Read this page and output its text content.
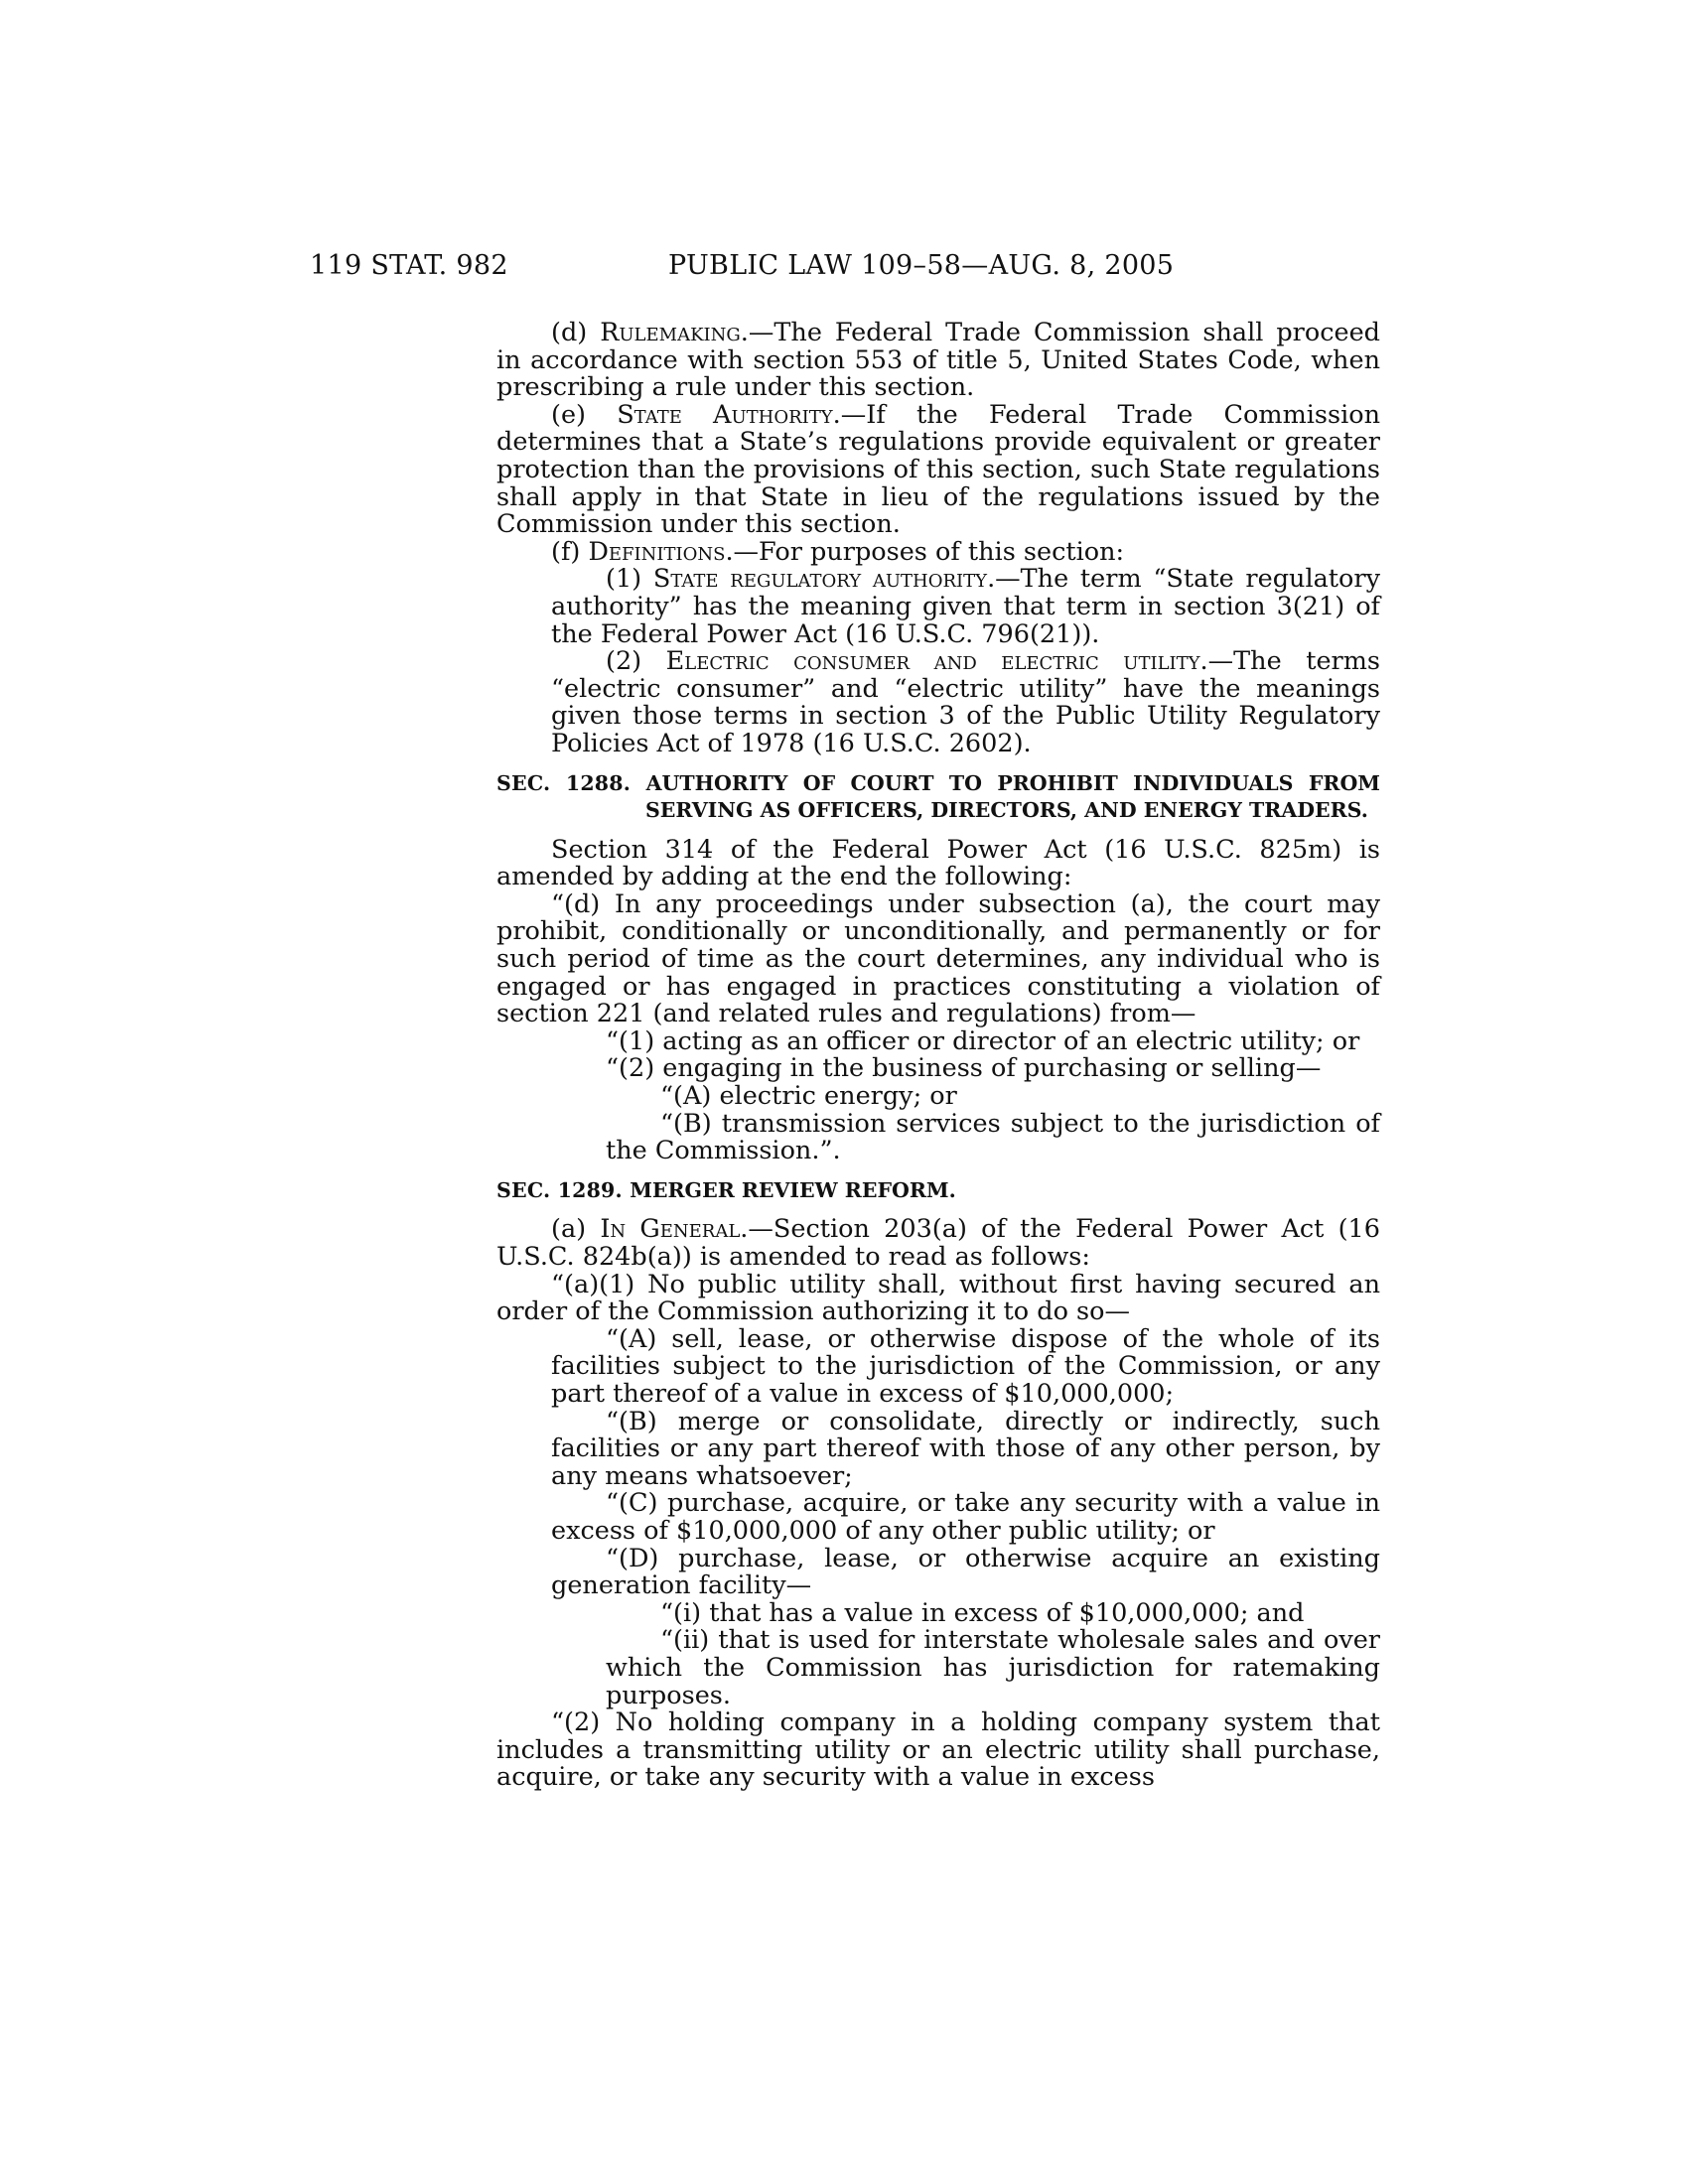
119 STAT. 982	PUBLIC LAW 109–58—AUG. 8, 2005

(d) Rulemaking.—The Federal Trade Commission shall proceed in accordance with section 553 of title 5, United States Code, when prescribing a rule under this section.

(e) State Authority.—If the Federal Trade Commission determines that a State’s regulations provide equivalent or greater protection than the provisions of this section, such State regulations shall apply in that State in lieu of the regulations issued by the Commission under this section.

(f) Definitions.—For purposes of this section:

(1) State regulatory authority.—The term “State regulatory authority” has the meaning given that term in section 3(21) of the Federal Power Act (16 U.S.C. 796(21)).

(2) Electric consumer and electric utility.—The terms “electric consumer” and “electric utility” have the meanings given those terms in section 3 of the Public Utility Regulatory Policies Act of 1978 (16 U.S.C. 2602).

SEC. 1288. AUTHORITY OF COURT TO PROHIBIT INDIVIDUALS FROM SERVING AS OFFICERS, DIRECTORS, AND ENERGY TRADERS.

Section 314 of the Federal Power Act (16 U.S.C. 825m) is amended by adding at the end the following:

“(d) In any proceedings under subsection (a), the court may prohibit, conditionally or unconditionally, and permanently or for such period of time as the court determines, any individual who is engaged or has engaged in practices constituting a violation of section 221 (and related rules and regulations) from—

“(1) acting as an officer or director of an electric utility; or

“(2) engaging in the business of purchasing or selling—

“(A) electric energy; or

“(B) transmission services subject to the jurisdiction of the Commission.”.

SEC. 1289. MERGER REVIEW REFORM.

(a) In General.—Section 203(a) of the Federal Power Act (16 U.S.C. 824b(a)) is amended to read as follows:

“(a)(1) No public utility shall, without first having secured an order of the Commission authorizing it to do so—

“(A) sell, lease, or otherwise dispose of the whole of its facilities subject to the jurisdiction of the Commission, or any part thereof of a value in excess of $10,000,000;

“(B) merge or consolidate, directly or indirectly, such facilities or any part thereof with those of any other person, by any means whatsoever;

“(C) purchase, acquire, or take any security with a value in excess of $10,000,000 of any other public utility; or

“(D) purchase, lease, or otherwise acquire an existing generation facility—

“(i) that has a value in excess of $10,000,000; and

“(ii) that is used for interstate wholesale sales and over which the Commission has jurisdiction for ratemaking purposes.

“(2) No holding company in a holding company system that includes a transmitting utility or an electric utility shall purchase, acquire, or take any security with a value in excess
